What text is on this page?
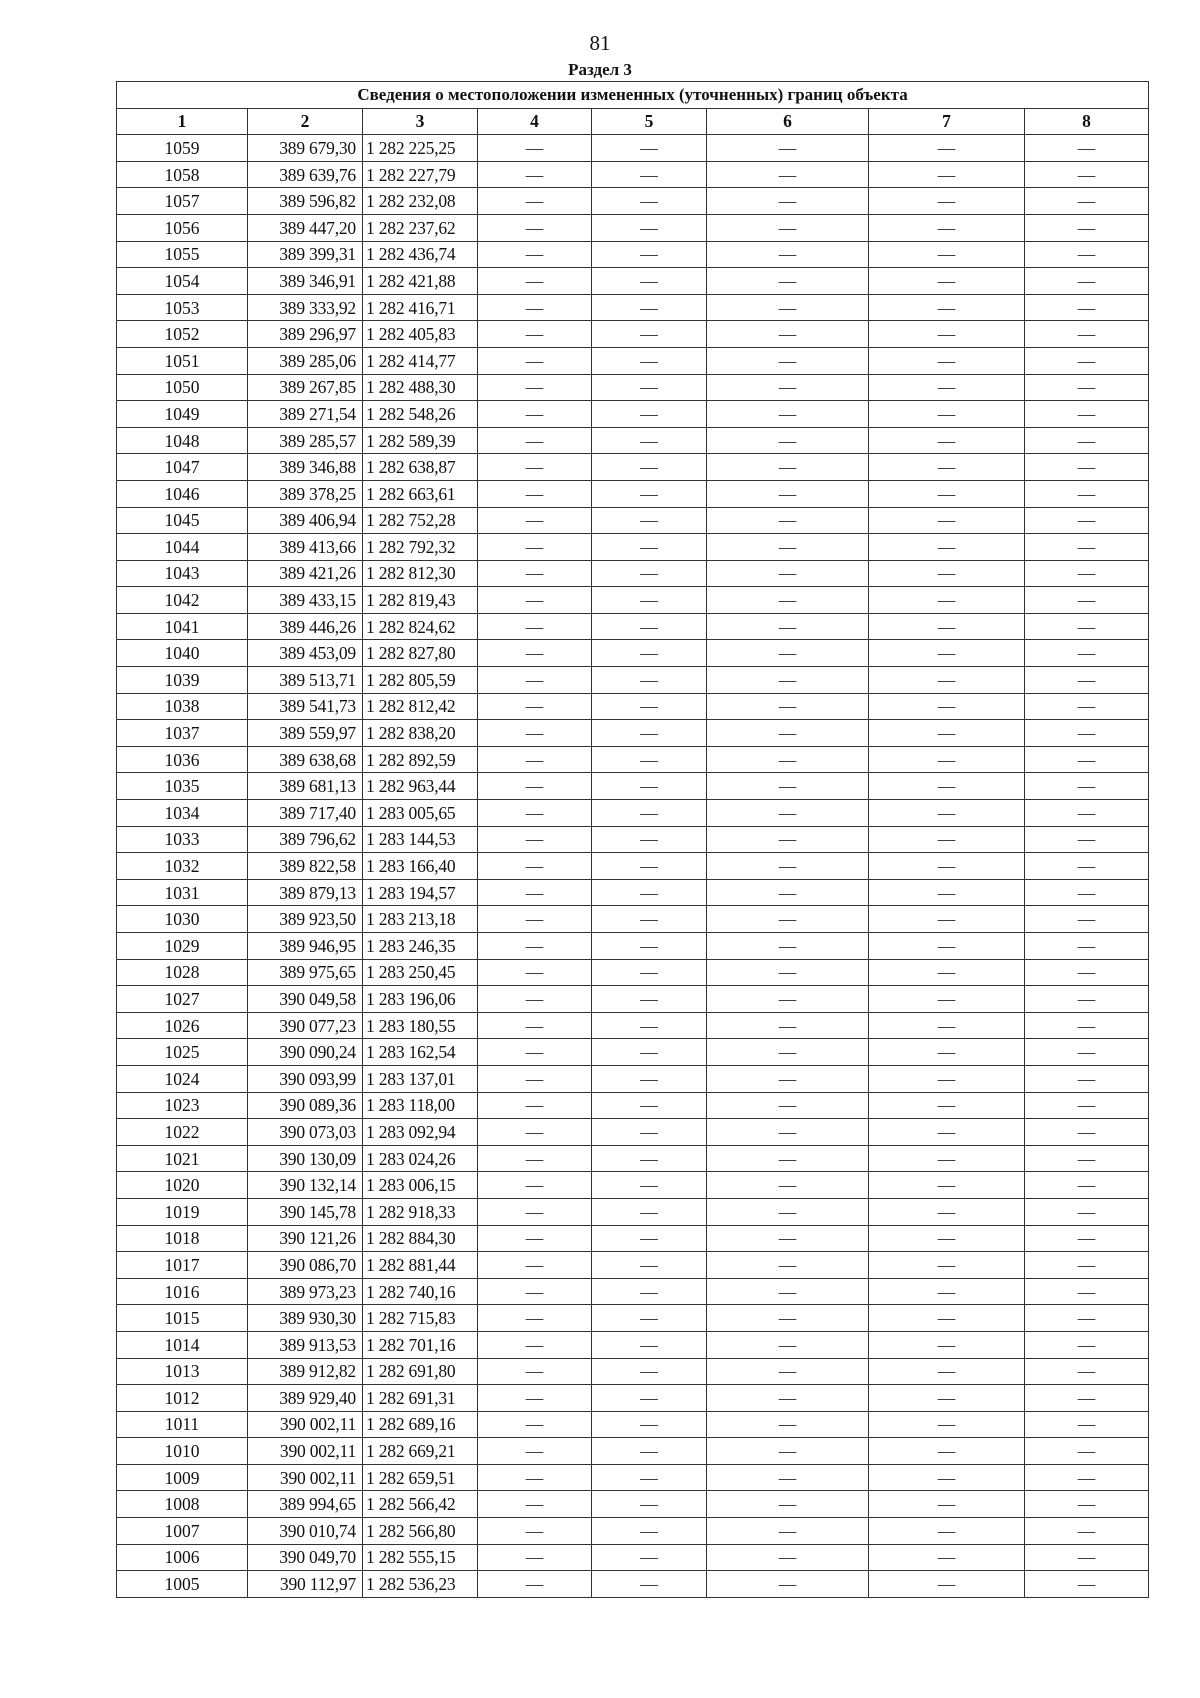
81
Раздел 3
Сведения о местоположении измененных (уточненных) границ объекта							
1	2	3	4	5	6	7	8
1059	389 679,30	1 282 225,25	—	—	—	—	—
1058	389 639,76	1 282 227,79	—	—	—	—	—
1057	389 596,82	1 282 232,08	—	—	—	—	—
1056	389 447,20	1 282 237,62	—	—	—	—	—
1055	389 399,31	1 282 436,74	—	—	—	—	—
1054	389 346,91	1 282 421,88	—	—	—	—	—
1053	389 333,92	1 282 416,71	—	—	—	—	—
1052	389 296,97	1 282 405,83	—	—	—	—	—
1051	389 285,06	1 282 414,77	—	—	—	—	—
1050	389 267,85	1 282 488,30	—	—	—	—	—
1049	389 271,54	1 282 548,26	—	—	—	—	—
1048	389 285,57	1 282 589,39	—	—	—	—	—
1047	389 346,88	1 282 638,87	—	—	—	—	—
1046	389 378,25	1 282 663,61	—	—	—	—	—
1045	389 406,94	1 282 752,28	—	—	—	—	—
1044	389 413,66	1 282 792,32	—	—	—	—	—
1043	389 421,26	1 282 812,30	—	—	—	—	—
1042	389 433,15	1 282 819,43	—	—	—	—	—
1041	389 446,26	1 282 824,62	—	—	—	—	—
1040	389 453,09	1 282 827,80	—	—	—	—	—
1039	389 513,71	1 282 805,59	—	—	—	—	—
1038	389 541,73	1 282 812,42	—	—	—	—	—
1037	389 559,97	1 282 838,20	—	—	—	—	—
1036	389 638,68	1 282 892,59	—	—	—	—	—
1035	389 681,13	1 282 963,44	—	—	—	—	—
1034	389 717,40	1 283 005,65	—	—	—	—	—
1033	389 796,62	1 283 144,53	—	—	—	—	—
1032	389 822,58	1 283 166,40	—	—	—	—	—
1031	389 879,13	1 283 194,57	—	—	—	—	—
1030	389 923,50	1 283 213,18	—	—	—	—	—
1029	389 946,95	1 283 246,35	—	—	—	—	—
1028	389 975,65	1 283 250,45	—	—	—	—	—
1027	390 049,58	1 283 196,06	—	—	—	—	—
1026	390 077,23	1 283 180,55	—	—	—	—	—
1025	390 090,24	1 283 162,54	—	—	—	—	—
1024	390 093,99	1 283 137,01	—	—	—	—	—
1023	390 089,36	1 283 118,00	—	—	—	—	—
1022	390 073,03	1 283 092,94	—	—	—	—	—
1021	390 130,09	1 283 024,26	—	—	—	—	—
1020	390 132,14	1 283 006,15	—	—	—	—	—
1019	390 145,78	1 282 918,33	—	—	—	—	—
1018	390 121,26	1 282 884,30	—	—	—	—	—
1017	390 086,70	1 282 881,44	—	—	—	—	—
1016	389 973,23	1 282 740,16	—	—	—	—	—
1015	389 930,30	1 282 715,83	—	—	—	—	—
1014	389 913,53	1 282 701,16	—	—	—	—	—
1013	389 912,82	1 282 691,80	—	—	—	—	—
1012	389 929,40	1 282 691,31	—	—	—	—	—
1011	390 002,11	1 282 689,16	—	—	—	—	—
1010	390 002,11	1 282 669,21	—	—	—	—	—
1009	390 002,11	1 282 659,51	—	—	—	—	—
1008	389 994,65	1 282 566,42	—	—	—	—	—
1007	390 010,74	1 282 566,80	—	—	—	—	—
1006	390 049,70	1 282 555,15	—	—	—	—	—
1005	390 112,97	1 282 536,23	—	—	—	—	—
